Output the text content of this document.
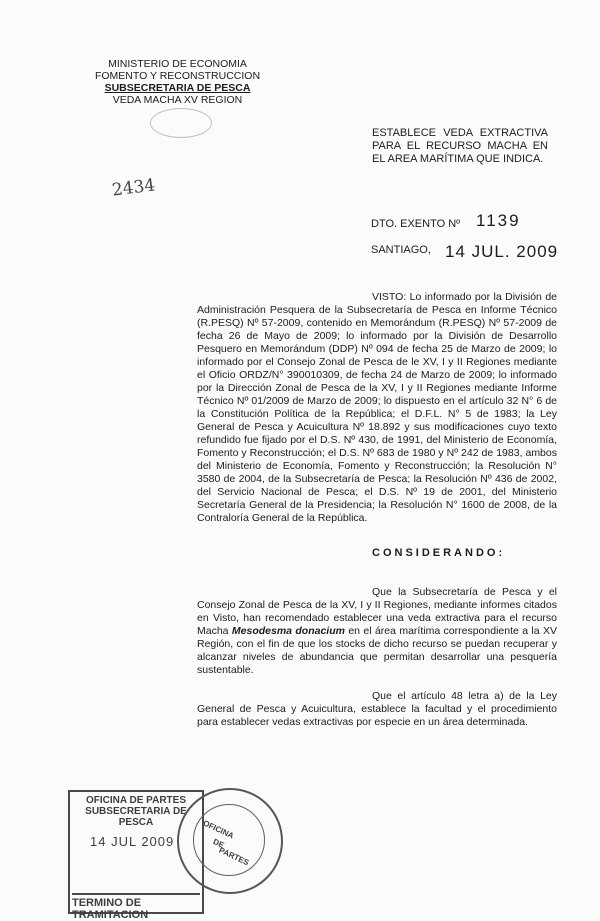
MINISTERIO DE ECONOMIA
FOMENTO Y RECONSTRUCCION
SUBSECRETARIA DE PESCA
VEDA MACHA XV REGION
2434
ESTABLECE VEDA EXTRACTIVA PARA EL RECURSO MACHA EN EL AREA MARÍTIMA QUE INDICA.
DTO. EXENTO Nº 1139
SANTIAGO, 14 JUL. 2009

VISTO: Lo informado por la División de Administración Pesquera de la Subsecretaría de Pesca en Informe Técnico (R.PESQ) Nº 57-2009, contenido en Memorándum (R.PESQ) Nº 57-2009 de fecha 26 de Mayo de 2009; lo informado por la División de Desarrollo Pesquero en Memorándum (DDP) Nº 094 de fecha 25 de Marzo de 2009; lo informado por el Consejo Zonal de Pesca de le XV, I y II Regiones mediante el Oficio ORDZ/N° 390010309, de fecha 24 de Marzo de 2009; lo informado por la Dirección Zonal de Pesca de la XV, I y II Regiones mediante Informe Técnico Nº 01/2009 de Marzo de 2009; lo dispuesto en el artículo 32 N° 6 de la Constitución Política de la República; el D.F.L. N° 5 de 1983; la Ley General de Pesca y Acuicultura Nº 18.892 y sus modificaciones cuyo texto refundido fue fijado por el D.S. Nº 430, de 1991, del Ministerio de Economía, Fomento y Reconstrucción; el D.S. Nº 683 de 1980 y Nº 242 de 1983, ambos del Ministerio de Economía, Fomento y Reconstrucción; la Resolución N° 3580 de 2004, de la Subsecretaría de Pesca; la Resolución Nº 436 de 2002, del Servicio Nacional de Pesca; el D.S. Nº 19 de 2001, del Ministerio Secretaría General de la Presidencia; la Resolución N° 1600 de 2008, de la Contraloría General de la República.

CONSIDERANDO:

Que la Subsecretaría de Pesca y el Consejo Zonal de Pesca de la XV, I y II Regiones, mediante informes citados en Visto, han recomendado establecer una veda extractiva para el recurso Macha Mesodesma donacium en el área marítima correspondiente a la XV Región, con el fin de que los stocks de dicho recurso se puedan recuperar y alcanzar niveles de abundancia que permitan desarrollar una pesquería sustentable.

Que el artículo 48 letra a) de la Ley General de Pesca y Acuicultura, establece la facultad y el procedimiento para establecer vedas extractivas por especie en un área determinada.

OFICINA DE PARTES
SUBSECRETARIA DE PESCA
14 JUL 2009
TERMINO DE TRAMITACION
OFICINA
DE
PARTES
